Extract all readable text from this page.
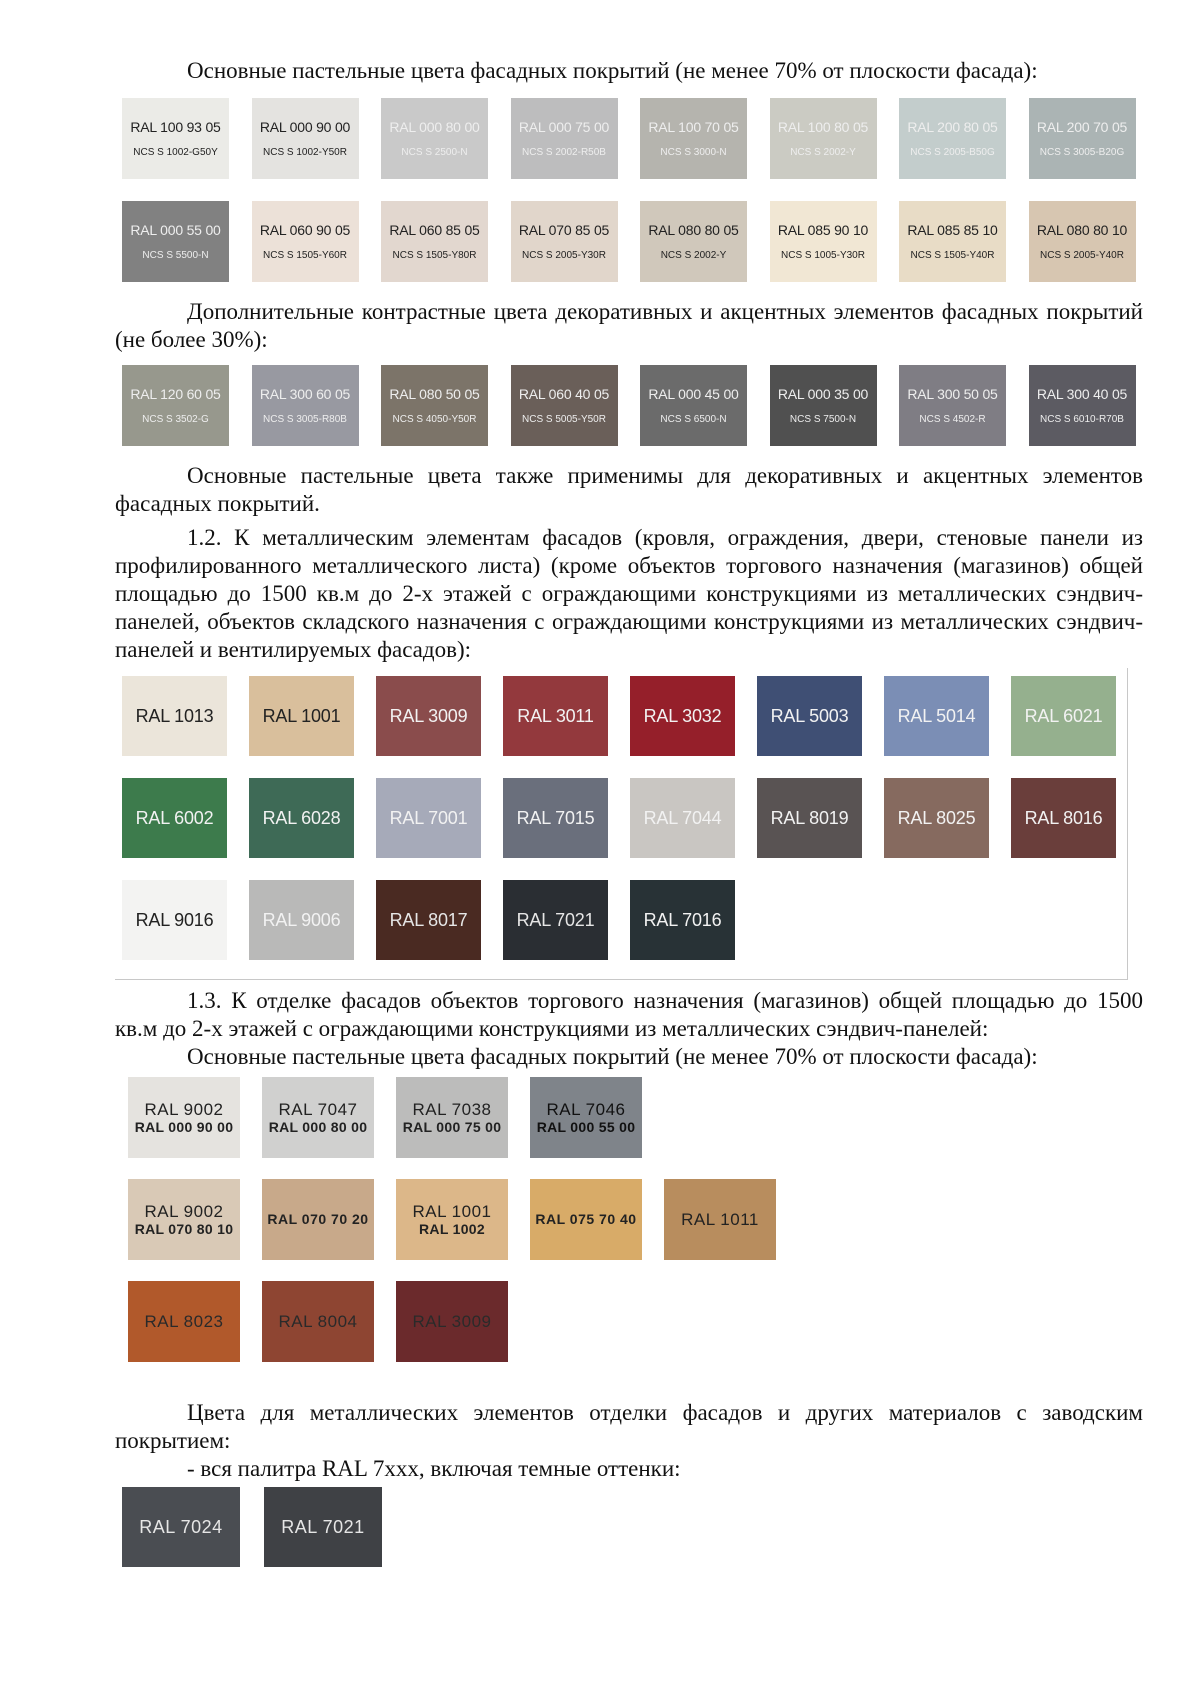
Основные пастельные цвета фасадных покрытий (не менее 70% от плоскости фасада):

Дополнительные контрастные цвета декоративных и акцентных элементов фасадных покрытий (не более 30%):

Основные пастельные цвета также применимы для декоративных и акцентных элементов фасадных покрытий.

1.2. К металлическим элементам фасадов (кровля, ограждения, двери, стеновые панели из профилированного металлического листа) (кроме объектов торгового назначения (магазинов) общей площадью до 1500 кв.м до 2-х этажей с ограждающими конструкциями из металлических сэндвич-панелей, объектов складского назначения с ограждающими конструкциями из металлических сэндвич-панелей и вентилируемых фасадов):

1.3. К отделке фасадов объектов торгового назначения (магазинов) общей площадью до 1500 кв.м до 2-х этажей с ограждающими конструкциями из металлических сэндвич-панелей:

Основные пастельные цвета фасадных покрытий (не менее 70% от плоскости фасада):

Цвета для металлических элементов отделки фасадов и других материалов с заводским покрытием:

- вся палитра RAL 7xxx, включая темные оттенки:

RAL 100 93 05
NCS S 1002-G50Y
RAL 000 90 00
NCS S 1002-Y50R
RAL 000 80 00
NCS S 2500-N
RAL 000 75 00
NCS S 2002-R50B
RAL 100 70 05
NCS S 3000-N
RAL 100 80 05
NCS S 2002-Y
RAL 200 80 05
NCS S 2005-B50G
RAL 200 70 05
NCS S 3005-B20G
RAL 000 55 00
NCS S 5500-N
RAL 060 90 05
NCS S 1505-Y60R
RAL 060 85 05
NCS S 1505-Y80R
RAL 070 85 05
NCS S 2005-Y30R
RAL 080 80 05
NCS S 2002-Y
RAL 085 90 10
NCS S 1005-Y30R
RAL 085 85 10
NCS S 1505-Y40R
RAL 080 80 10
NCS S 2005-Y40R
RAL 120 60 05
NCS S 3502-G
RAL 300 60 05
NCS S 3005-R80B
RAL 080 50 05
NCS S 4050-Y50R
RAL 060 40 05
NCS S 5005-Y50R
RAL 000 45 00
NCS S 6500-N
RAL 000 35 00
NCS S 7500-N
RAL 300 50 05
NCS S 4502-R
RAL 300 40 05
NCS S 6010-R70B
RAL 1013	RAL 1001	RAL 3009	RAL 3011	RAL 3032	RAL 5003	RAL 5014	RAL 6021
RAL 6002	RAL 6028	RAL 7001	RAL 7015	RAL 7044	RAL 8019	RAL 8025	RAL 8016
RAL 9016	RAL 9006	RAL 8017	RAL 7021	RAL 7016
RAL 9002
RAL 000 90 00
RAL 7047
RAL 000 80 00
RAL 7038
RAL 000 75 00
RAL 7046
RAL 000 55 00
RAL 9002
RAL 070 80 10
RAL 070 70 20	RAL 1001
RAL 1002
RAL 075 70 40	RAL 1011
RAL 8023	RAL 8004	RAL 3009
RAL 7024	RAL 7021
